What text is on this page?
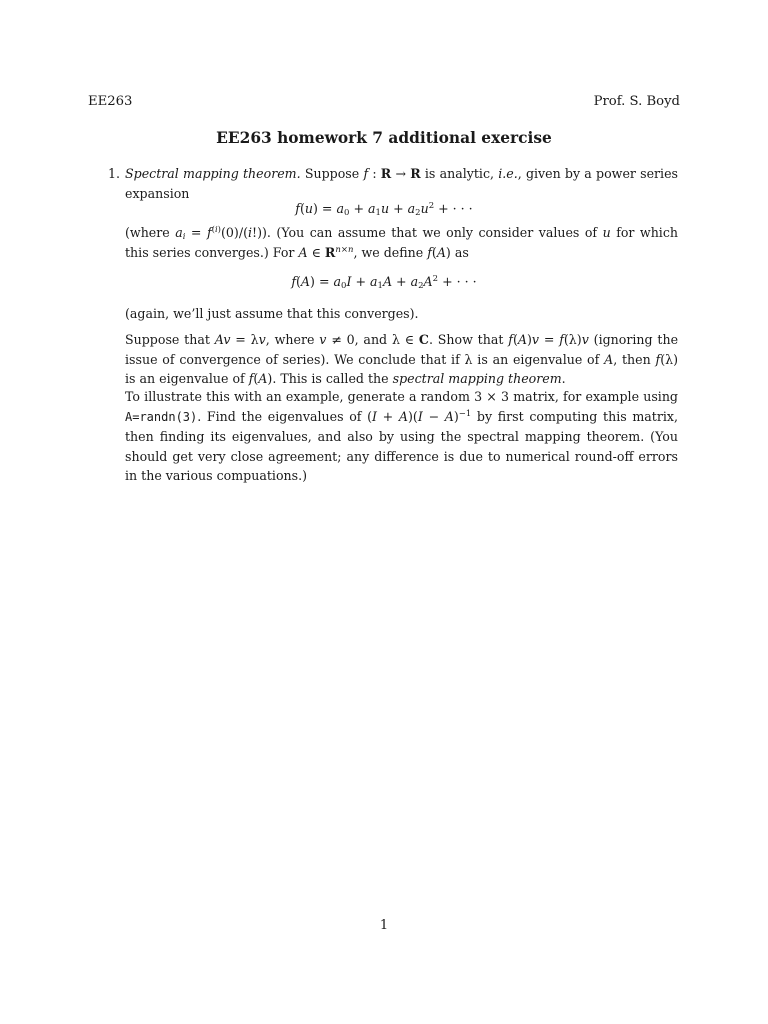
EE263	Prof. S. Boyd
EE263 homework 7 additional exercise
1. Spectral mapping theorem. Suppose f : R → R is analytic, i.e., given by a power series expansion
$f(u) = a_0 + a_1u + a_2u^2$ + · · ·
(where $a_i = f^{(i)}(0)/(i!)$). (You can assume that we only consider values of u for which this series converges.) For A ∈ $R^{n\times n}$, we define f(A) as
$f(A) = a_0I + a_1A + a_2A^2$ + · · ·
(again, we’ll just assume that this converges).
Suppose that Av = λv, where v ≠ 0, and λ ∈ C. Show that f(A)v = f(λ)v (ignoring the issue of convergence of series). We conclude that if λ is an eigenvalue of A, then f(λ) is an eigenvalue of f(A). This is called the spectral mapping theorem.
To illustrate this with an example, generate a random 3 × 3 matrix, for example using A=randn(3). Find the eigenvalues of $(I + A)(I - A)^{-1}$ by first computing this matrix, then finding its eigenvalues, and also by using the spectral mapping theorem. (You should get very close agreement; any difference is due to numerical round-off errors in the various compuations.)
1
